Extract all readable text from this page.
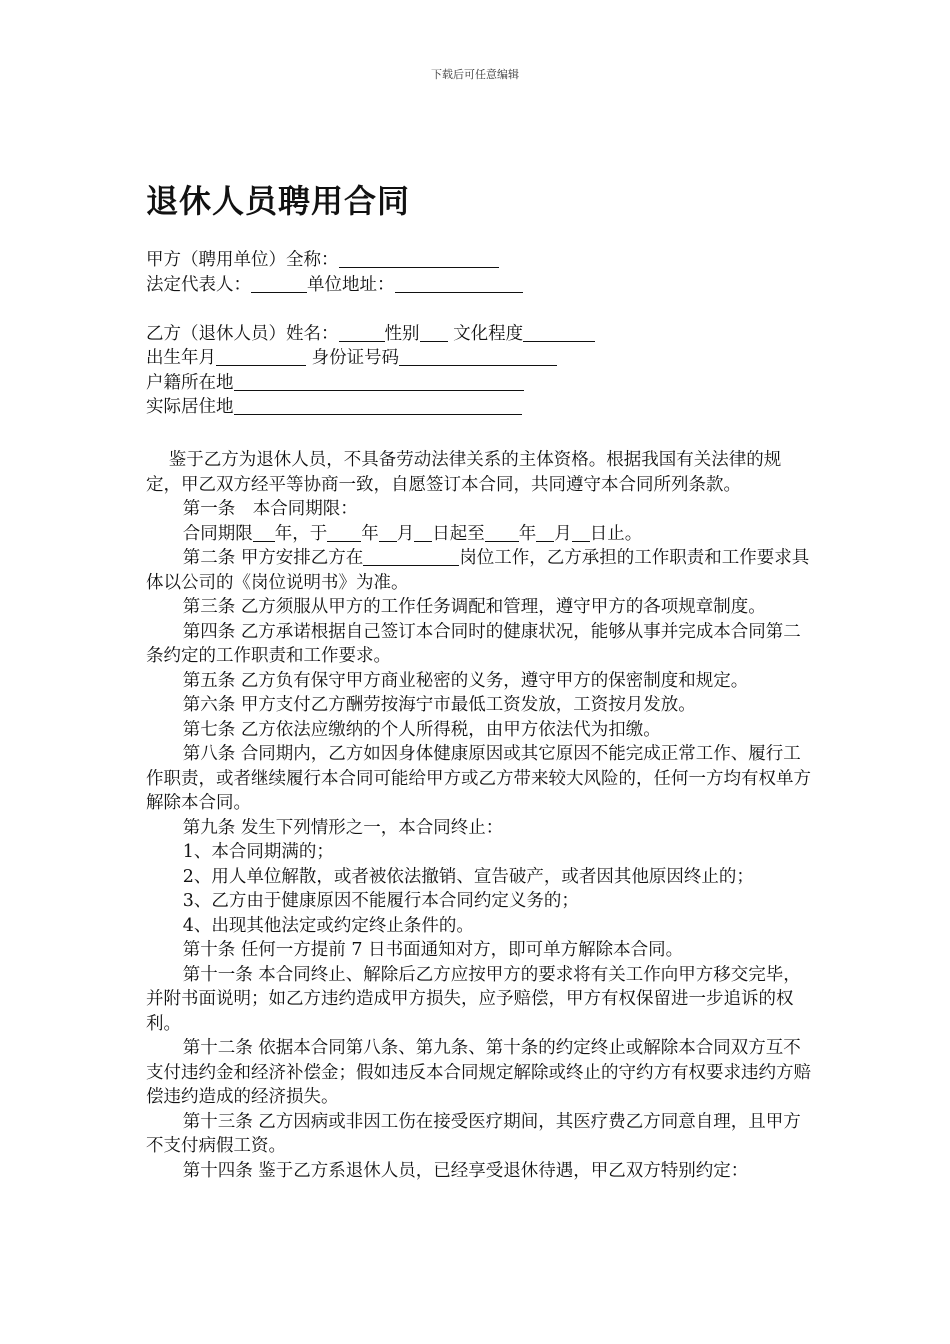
下载后可任意编辑
退休人员聘用合同
甲方（聘用单位）全称：
法定代表人：	单位地址：
乙方（退休人员）姓名：	性别 文化程度
出生年月	身份证号码
户籍所在地
实际居住地
鉴于乙方为退休人员，不具备劳动法律关系的主体资格。根据我国有关法律的规定，甲乙双方经平等协商一致，自愿签订本合同，共同遵守本合同所列条款。
第一条　本合同期限：
合同期限 年，于 年 月 日起至 年 月 日止。
第二条 甲方安排乙方在	岗位工作，乙方承担的工作职责和工作要求具体以公司的《岗位说明书》为准。
第三条 乙方须服从甲方的工作任务调配和管理，遵守甲方的各项规章制度。
第四条 乙方承诺根据自己签订本合同时的健康状况，能够从事并完成本合同第二条约定的工作职责和工作要求。
第五条 乙方负有保守甲方商业秘密的义务，遵守甲方的保密制度和规定。
第六条 甲方支付乙方酬劳按海宁市最低工资发放，工资按月发放。
第七条 乙方依法应缴纳的个人所得税，由甲方依法代为扣缴。
第八条 合同期内，乙方如因身体健康原因或其它原因不能完成正常工作、履行工作职责，或者继续履行本合同可能给甲方或乙方带来较大风险的，任何一方均有权单方解除本合同。
第九条 发生下列情形之一，本合同终止：
1、本合同期满的；
2、用人单位解散，或者被依法撤销、宣告破产，或者因其他原因终止的；
3、乙方由于健康原因不能履行本合同约定义务的；
4、出现其他法定或约定终止条件的。
第十条 任何一方提前 7 日书面通知对方，即可单方解除本合同。
第十一条 本合同终止、解除后乙方应按甲方的要求将有关工作向甲方移交完毕，并附书面说明；如乙方违约造成甲方损失，应予赔偿，甲方有权保留进一步追诉的权利。
第十二条 依据本合同第八条、第九条、第十条的约定终止或解除本合同双方互不支付违约金和经济补偿金；假如违反本合同规定解除或终止的守约方有权要求违约方赔偿违约造成的经济损失。
第十三条 乙方因病或非因工伤在接受医疗期间，其医疗费乙方同意自理，且甲方不支付病假工资。
第十四条 鉴于乙方系退休人员，已经享受退休待遇，甲乙双方特别约定：
